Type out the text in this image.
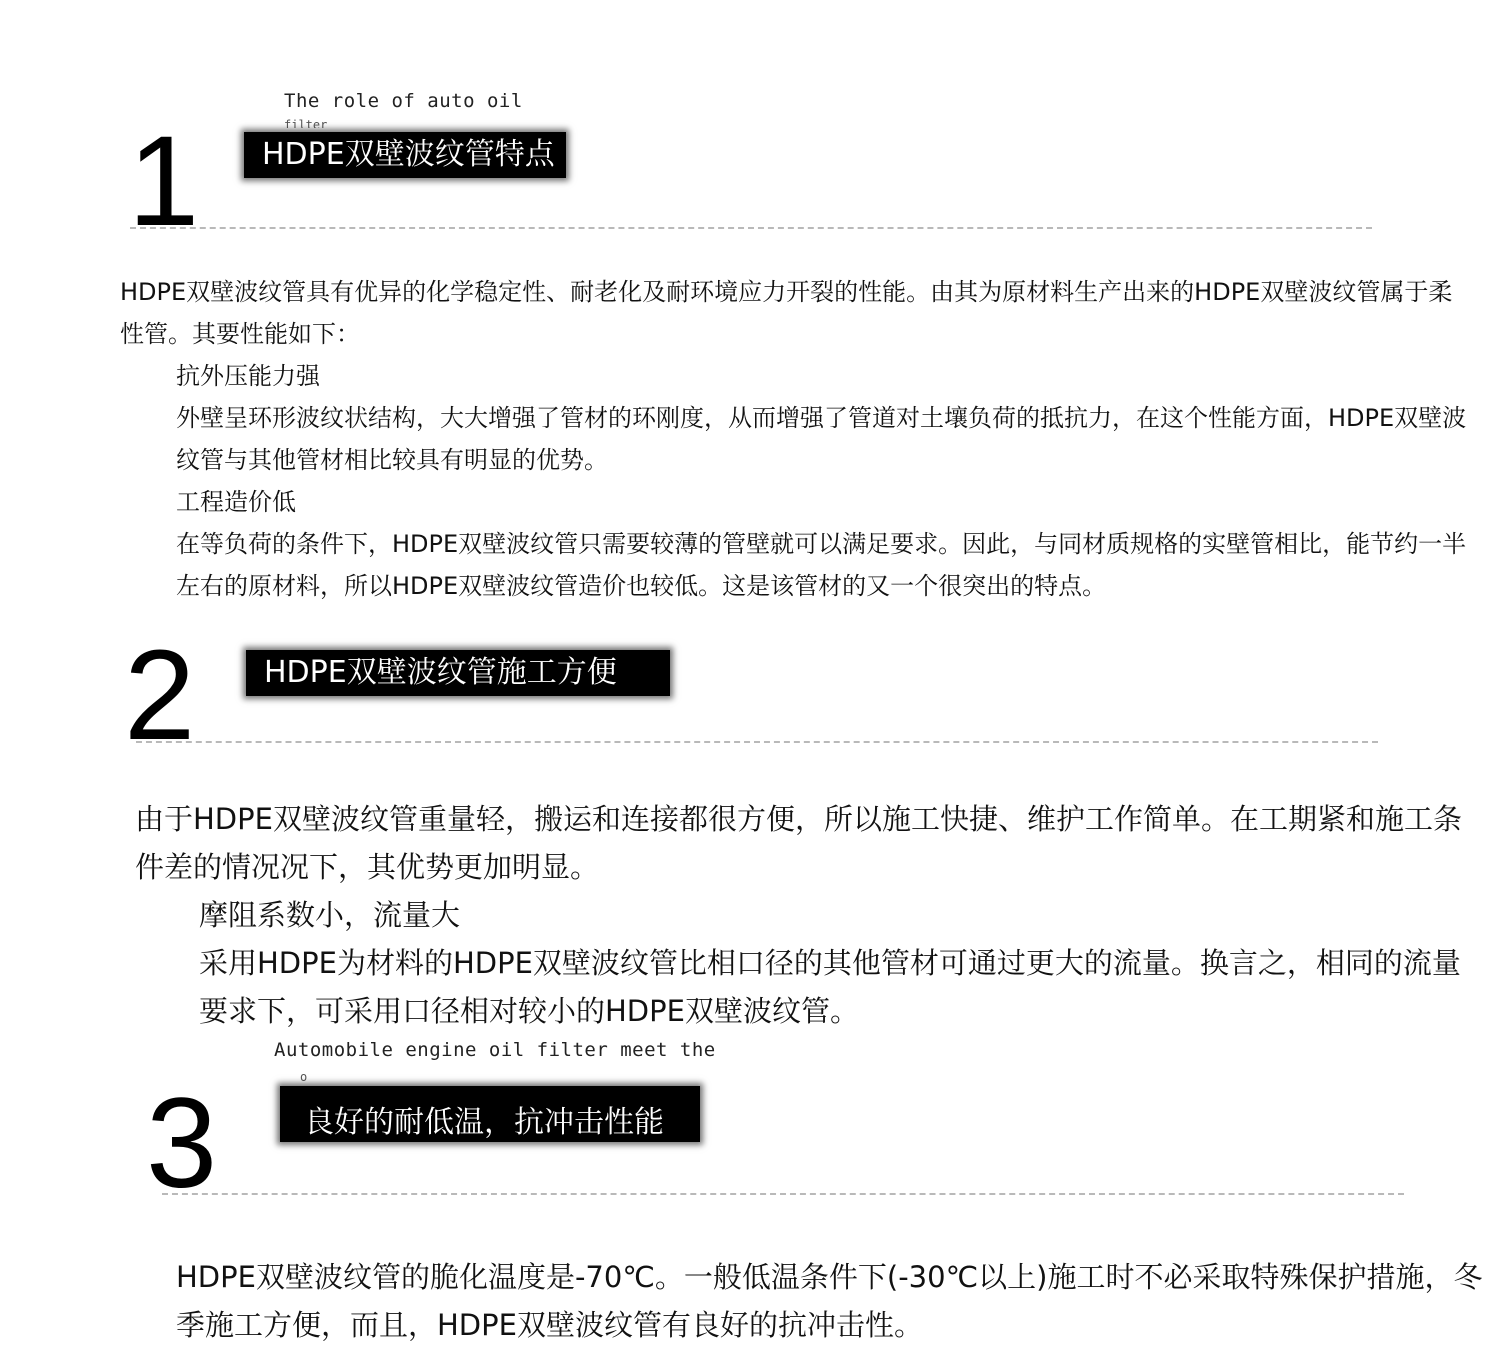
The role of auto oil
filter
1	HDPE双壁波纹管特点
HDPE双壁波纹管具有优异的化学稳定性、耐老化及耐环境应力开裂的性能。由其为原材料生产出来的HDPE双壁波纹管属于柔性管。其要性能如下：
抗外压能力强
外壁呈环形波纹状结构，大大增强了管材的环刚度，从而增强了管道对土壤负荷的抵抗力，在这个性能方面，HDPE双壁波纹管与其他管材相比较具有明显的优势。
工程造价低
在等负荷的条件下，HDPE双壁波纹管只需要较薄的管壁就可以满足要求。因此，与同材质规格的实壁管相比，能节约一半左右的原材料，所以HDPE双壁波纹管造价也较低。这是该管材的又一个很突出的特点。
2	HDPE双壁波纹管施工方便
由于HDPE双壁波纹管重量轻，搬运和连接都很方便，所以施工快捷、维护工作简单。在工期紧和施工条件差的情况况下，其优势更加明显。
摩阻系数小，流量大
采用HDPE为材料的HDPE双壁波纹管比相口径的其他管材可通过更大的流量。换言之，相同的流量要求下，可采用口径相对较小的HDPE双壁波纹管。
Automobile engine oil filter meet the
o
3	良好的耐低温，抗冲击性能
HDPE双壁波纹管的脆化温度是-70℃。一般低温条件下(-30℃以上)施工时不必采取特殊保护措施，冬季施工方便，而且，HDPE双壁波纹管有良好的抗冲击性。
